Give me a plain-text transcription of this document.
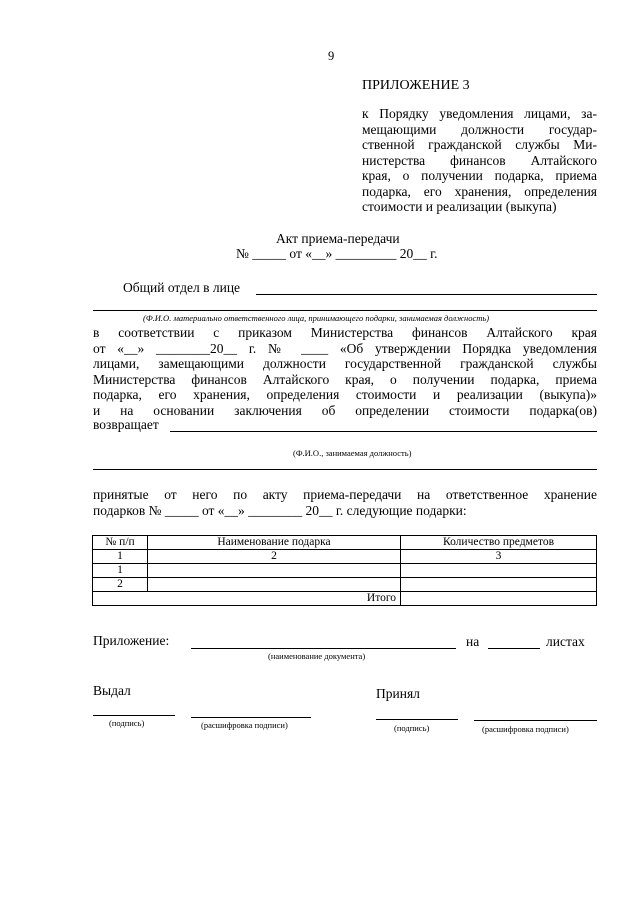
9
ПРИЛОЖЕНИЕ 3

к Порядку уведомления лицами, за-

мещающими должности государ-

ственной гражданской службы Ми-

нистерства финансов Алтайского

края, о получении подарка, приема

подарка, его хранения, определения

стоимости и реализации (выкупа)

Акт приема-передачи
№ _____ от «__» _________ 20__ г.
Общий отдел в лице
(Ф.И.О. материально ответственного лица, принимающего подарки, занимаемая должность)

в соответствии с приказом Министерства финансов Алтайского края

от «__» ________20__ г. № ____ «Об утверждении Порядка уведомления

лицами, замещающими должности государственной гражданской службы

Министерства финансов Алтайского края, о получении подарка, приема

подарка, его хранения, определения стоимости и реализации (выкупа)»

и на основании заключения об определении стоимости подарка(ов)

возвращает
(Ф.И.О., занимаемая должность)

принятые от него по акту приема-передачи на ответственное хранение

подарков № _____ от «__» ________ 20__ г. следующие подарки:

№ п/п	Наименование подарка	Количество предметов
1	2	3
1		
2		
Итого		
Приложение:	на	листах
(наименование документа)
Выдал
(подпись)	(расшифровка подписи)
Принял
(подпись)	(расшифровка подписи)
